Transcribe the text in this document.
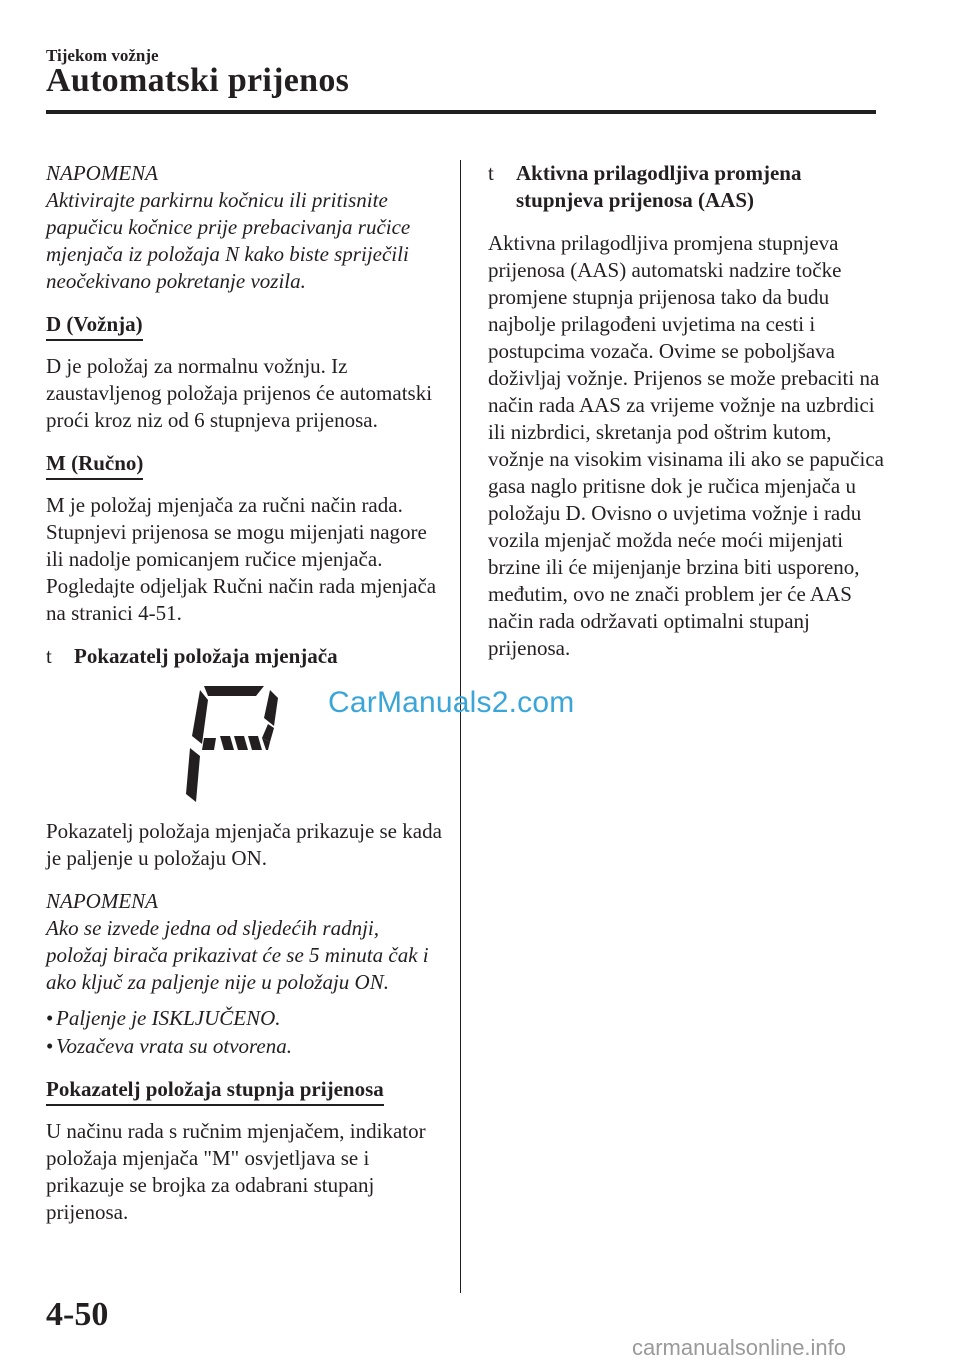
Tijekom vožnje
Automatski prijenos

NAPOMENA

Aktivirajte parkirnu kočnicu ili pritisnite papučicu kočnice prije prebacivanja ručice mjenjača iz položaja N kako biste spriječili neočekivano pokretanje vozila.

D (Vožnja)

D je položaj za normalnu vožnju. Iz zaustavljenog položaja prijenos će automatski proći kroz niz od 6 stupnjeva prijenosa.

M (Ručno)

M je položaj mjenjača za ručni način rada. Stupnjevi prijenosa se mogu mijenjati nagore ili nadolje pomicanjem ručice mjenjača. Pogledajte odjeljak Ručni način rada mjenjača na stranici 4-51.

t Pokazatelj položaja mjenjača

Pokazatelj položaja mjenjača prikazuje se kada je paljenje u položaju ON.

NAPOMENA

Ako se izvede jedna od sljedećih radnji, položaj birača prikazivat će se 5 minuta čak i ako ključ za paljenje nije u položaju ON.

• Paljenje je ISKLJUČENO.
• Vozačeva vrata su otvorena.
Pokazatelj položaja stupnja prijenosa

U načinu rada s ručnim mjenjačem, indikator položaja mjenjača "M" osvjetljava se i prikazuje se brojka za odabrani stupanj prijenosa.

t Aktivna prilagodljiva promjena stupnjeva prijenosa (AAS)

Aktivna prilagodljiva promjena stupnjeva prijenosa (AAS) automatski nadzire točke promjene stupnja prijenosa tako da budu najbolje prilagođeni uvjetima na cesti i postupcima vozača. Ovime se poboljšava doživljaj vožnje. Prijenos se može prebaciti na način rada AAS za vrijeme vožnje na uzbrdici ili nizbrdici, skretanja pod oštrim kutom, vožnje na visokim visinama ili ako se papučica gasa naglo pritisne dok je ručica mjenjača u položaju D. Ovisno o uvjetima vožnje i radu vozila mjenjač možda neće moći mijenjati brzine ili će mijenjanje brzina biti usporeno, međutim, ovo ne znači problem jer će AAS način rada održavati optimalni stupanj prijenosa.

CarManuals2.com
4-50
carmanualsonline.info
